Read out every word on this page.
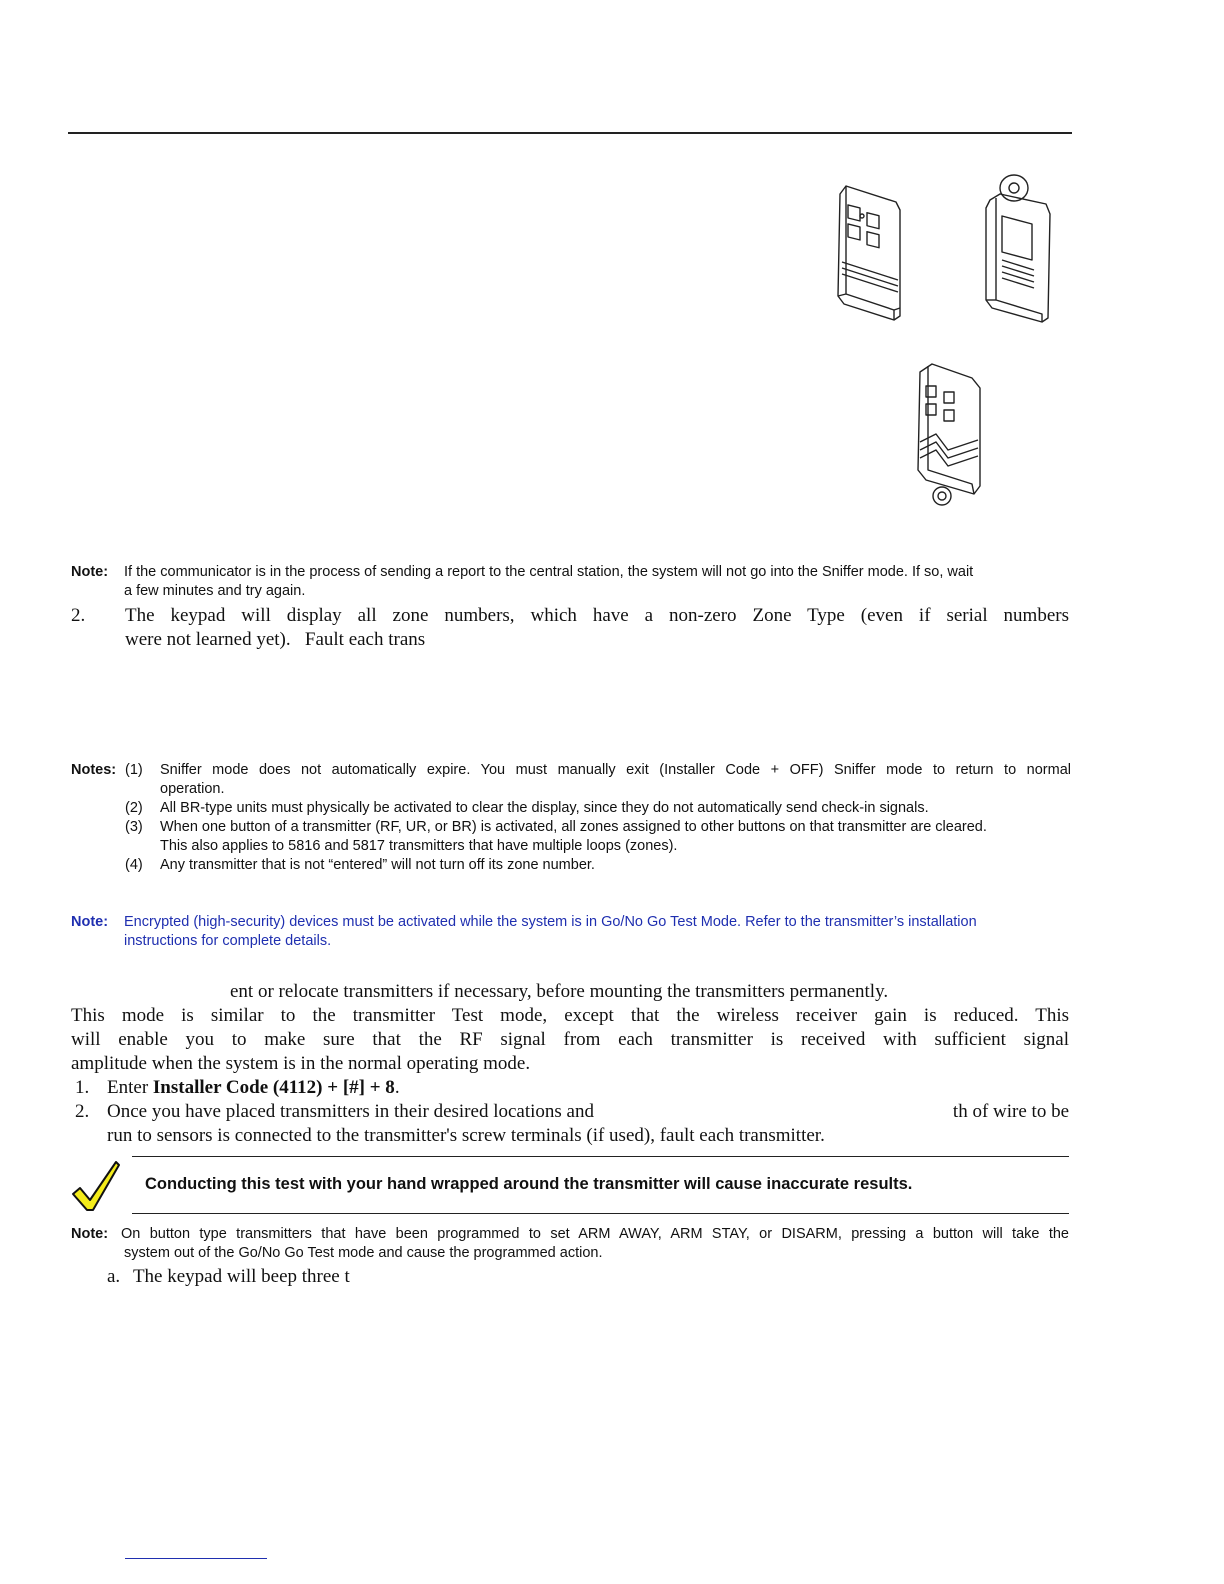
Note: If the communicator is in the process of sending a report to the central station, the system will not go into the Sniffer mode. If so, wait
a few minutes and try again.
2. The keypad will display all zone numbers, which have a non-zero Zone Type (even if serial numbers
were not learned yet).   Fault each trans
Notes: (1) Sniffer mode does not automatically expire. You must manually exit (Installer Code + OFF) Sniffer mode to return to normal
operation.
(2) All BR-type units must physically be activated to clear the display, since they do not automatically send check-in signals.
(3) When one button of a transmitter (RF, UR, or BR) is activated, all zones assigned to other buttons on that transmitter are cleared.
This also applies to 5816 and 5817 transmitters that have multiple loops (zones).
(4) Any transmitter that is not “entered” will not turn off its zone number.
Note: Encrypted (high-security) devices must be activated while the system is in Go/No Go Test Mode. Refer to the transmitter’s installation
instructions for complete details.
ent or relocate transmitters if necessary, before mounting the transmitters permanently.
This mode is similar to the transmitter Test mode, except that the wireless receiver gain is reduced. This
will enable you to make sure that the RF signal from each transmitter is received with sufficient signal
amplitude when the system is in the normal operating mode.
1. Enter Installer Code (4112) + [#] + 8.
2. Once you have placed transmitters in their desired locations and	th of wire to be
run to sensors is connected to the transmitter's screw terminals (if used), fault each transmitter.
Conducting this test with your hand wrapped around the transmitter will cause inaccurate results.
Note: On button type transmitters that have been programmed to set ARM AWAY, ARM STAY, or DISARM, pressing a button will take the
system out of the Go/No Go Test mode and cause the programmed action.
a. The keypad will beep three t
